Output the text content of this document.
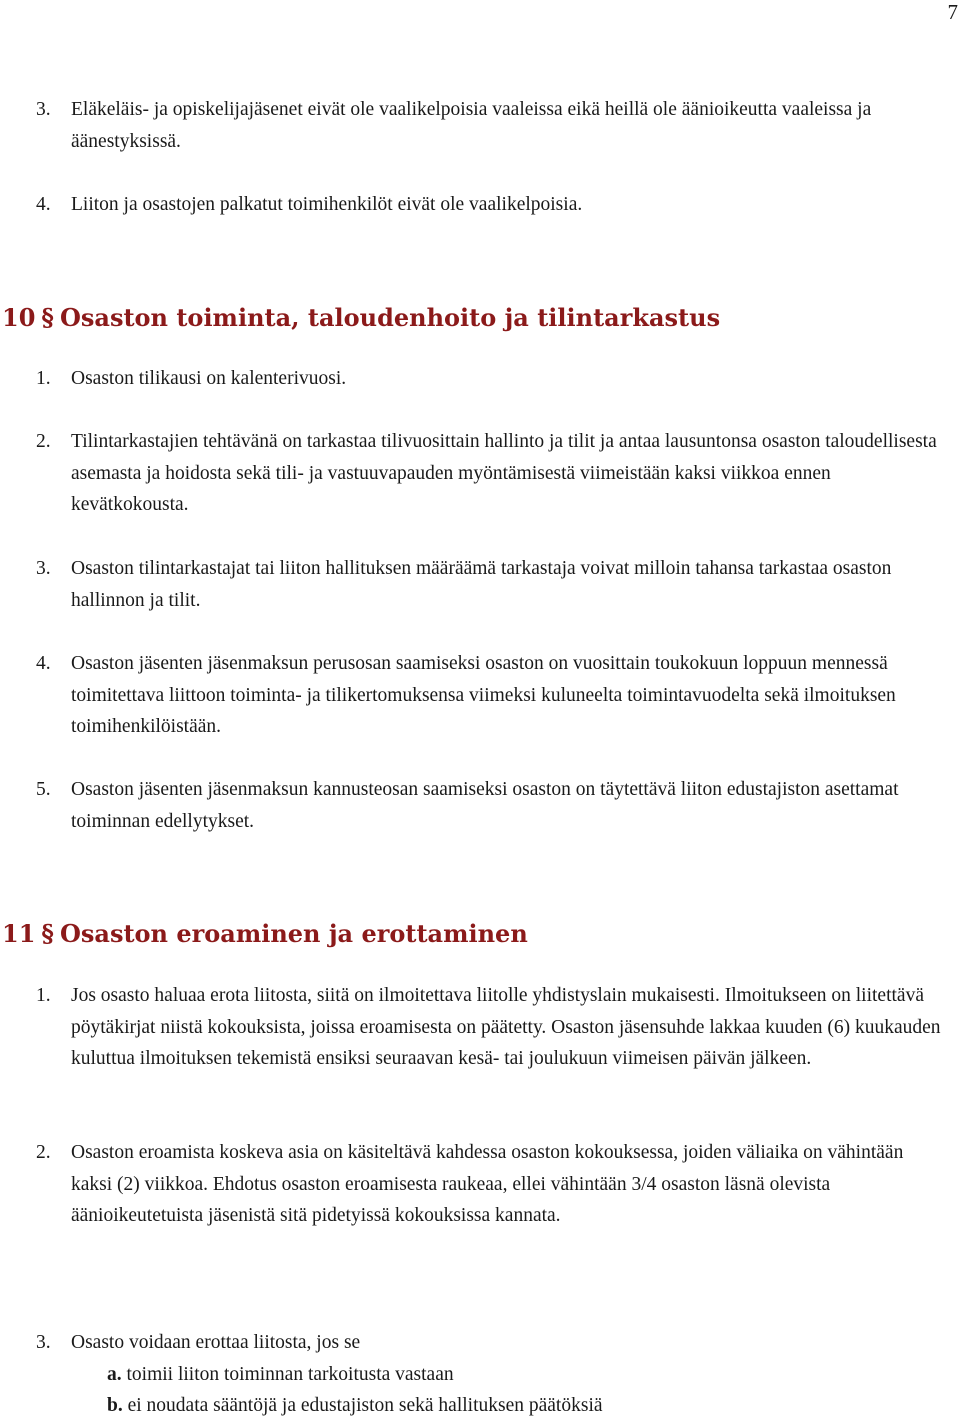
7
3. Eläkeläis- ja opiskelijajäsenet eivät ole vaalikelpoisia vaaleissa eikä heillä ole äänioikeutta vaaleissa ja äänestyksissä.
4. Liiton ja osastojen palkatut toimihenkilöt eivät ole vaalikelpoisia.
10 § Osaston toiminta, taloudenhoito ja tilintarkastus
1. Osaston tilikausi on kalenterivuosi.
2. Tilintarkastajien tehtävänä on tarkastaa tilivuosittain hallinto ja tilit ja antaa lausuntonsa osaston taloudellisesta asemasta ja hoidosta sekä tili- ja vastuuvapauden myöntämisestä viimeistään kaksi viikkoa ennen kevätkokousta.
3. Osaston tilintarkastajat tai liiton hallituksen määräämä tarkastaja voivat milloin tahansa tarkastaa osaston hallinnon ja tilit.
4. Osaston jäsenten jäsenmaksun perusosan saamiseksi osaston on vuosittain toukokuun loppuun mennessä toimitettava liittoon toiminta- ja tilikertomuksensa viimeksi kuluneelta toimintavuodelta sekä ilmoituksen toimihenkilöistään.
5. Osaston jäsenten jäsenmaksun kannusteosan saamiseksi osaston on täytettävä liiton edustajiston asettamat toiminnan edellytykset.
11 § Osaston eroaminen ja erottaminen
1. Jos osasto haluaa erota liitosta, siitä on ilmoitettava liitolle yhdistyslain mukaisesti. Ilmoitukseen on liitettävä pöytäkirjat niistä kokouksista, joissa eroamisesta on päätetty. Osaston jäsensuhde lakkaa kuuden (6) kuukauden kuluttua ilmoituksen tekemistä ensiksi seuraavan kesä- tai joulukuun viimeisen päivän jälkeen.
2. Osaston eroamista koskeva asia on käsiteltävä kahdessa osaston kokouksessa, joiden väliaika on vähintään kaksi (2) viikkoa. Ehdotus osaston eroamisesta raukeaa, ellei vähintään 3/4 osaston läsnä olevista äänioikeutetuista jäsenistä sitä pidetyissä kokouksissa kannata.
3. Osasto voidaan erottaa liitosta, jos se
a. toimii liiton toiminnan tarkoitusta vastaan
b. ei noudata sääntöjä ja edustajiston sekä hallituksen päätöksiä
